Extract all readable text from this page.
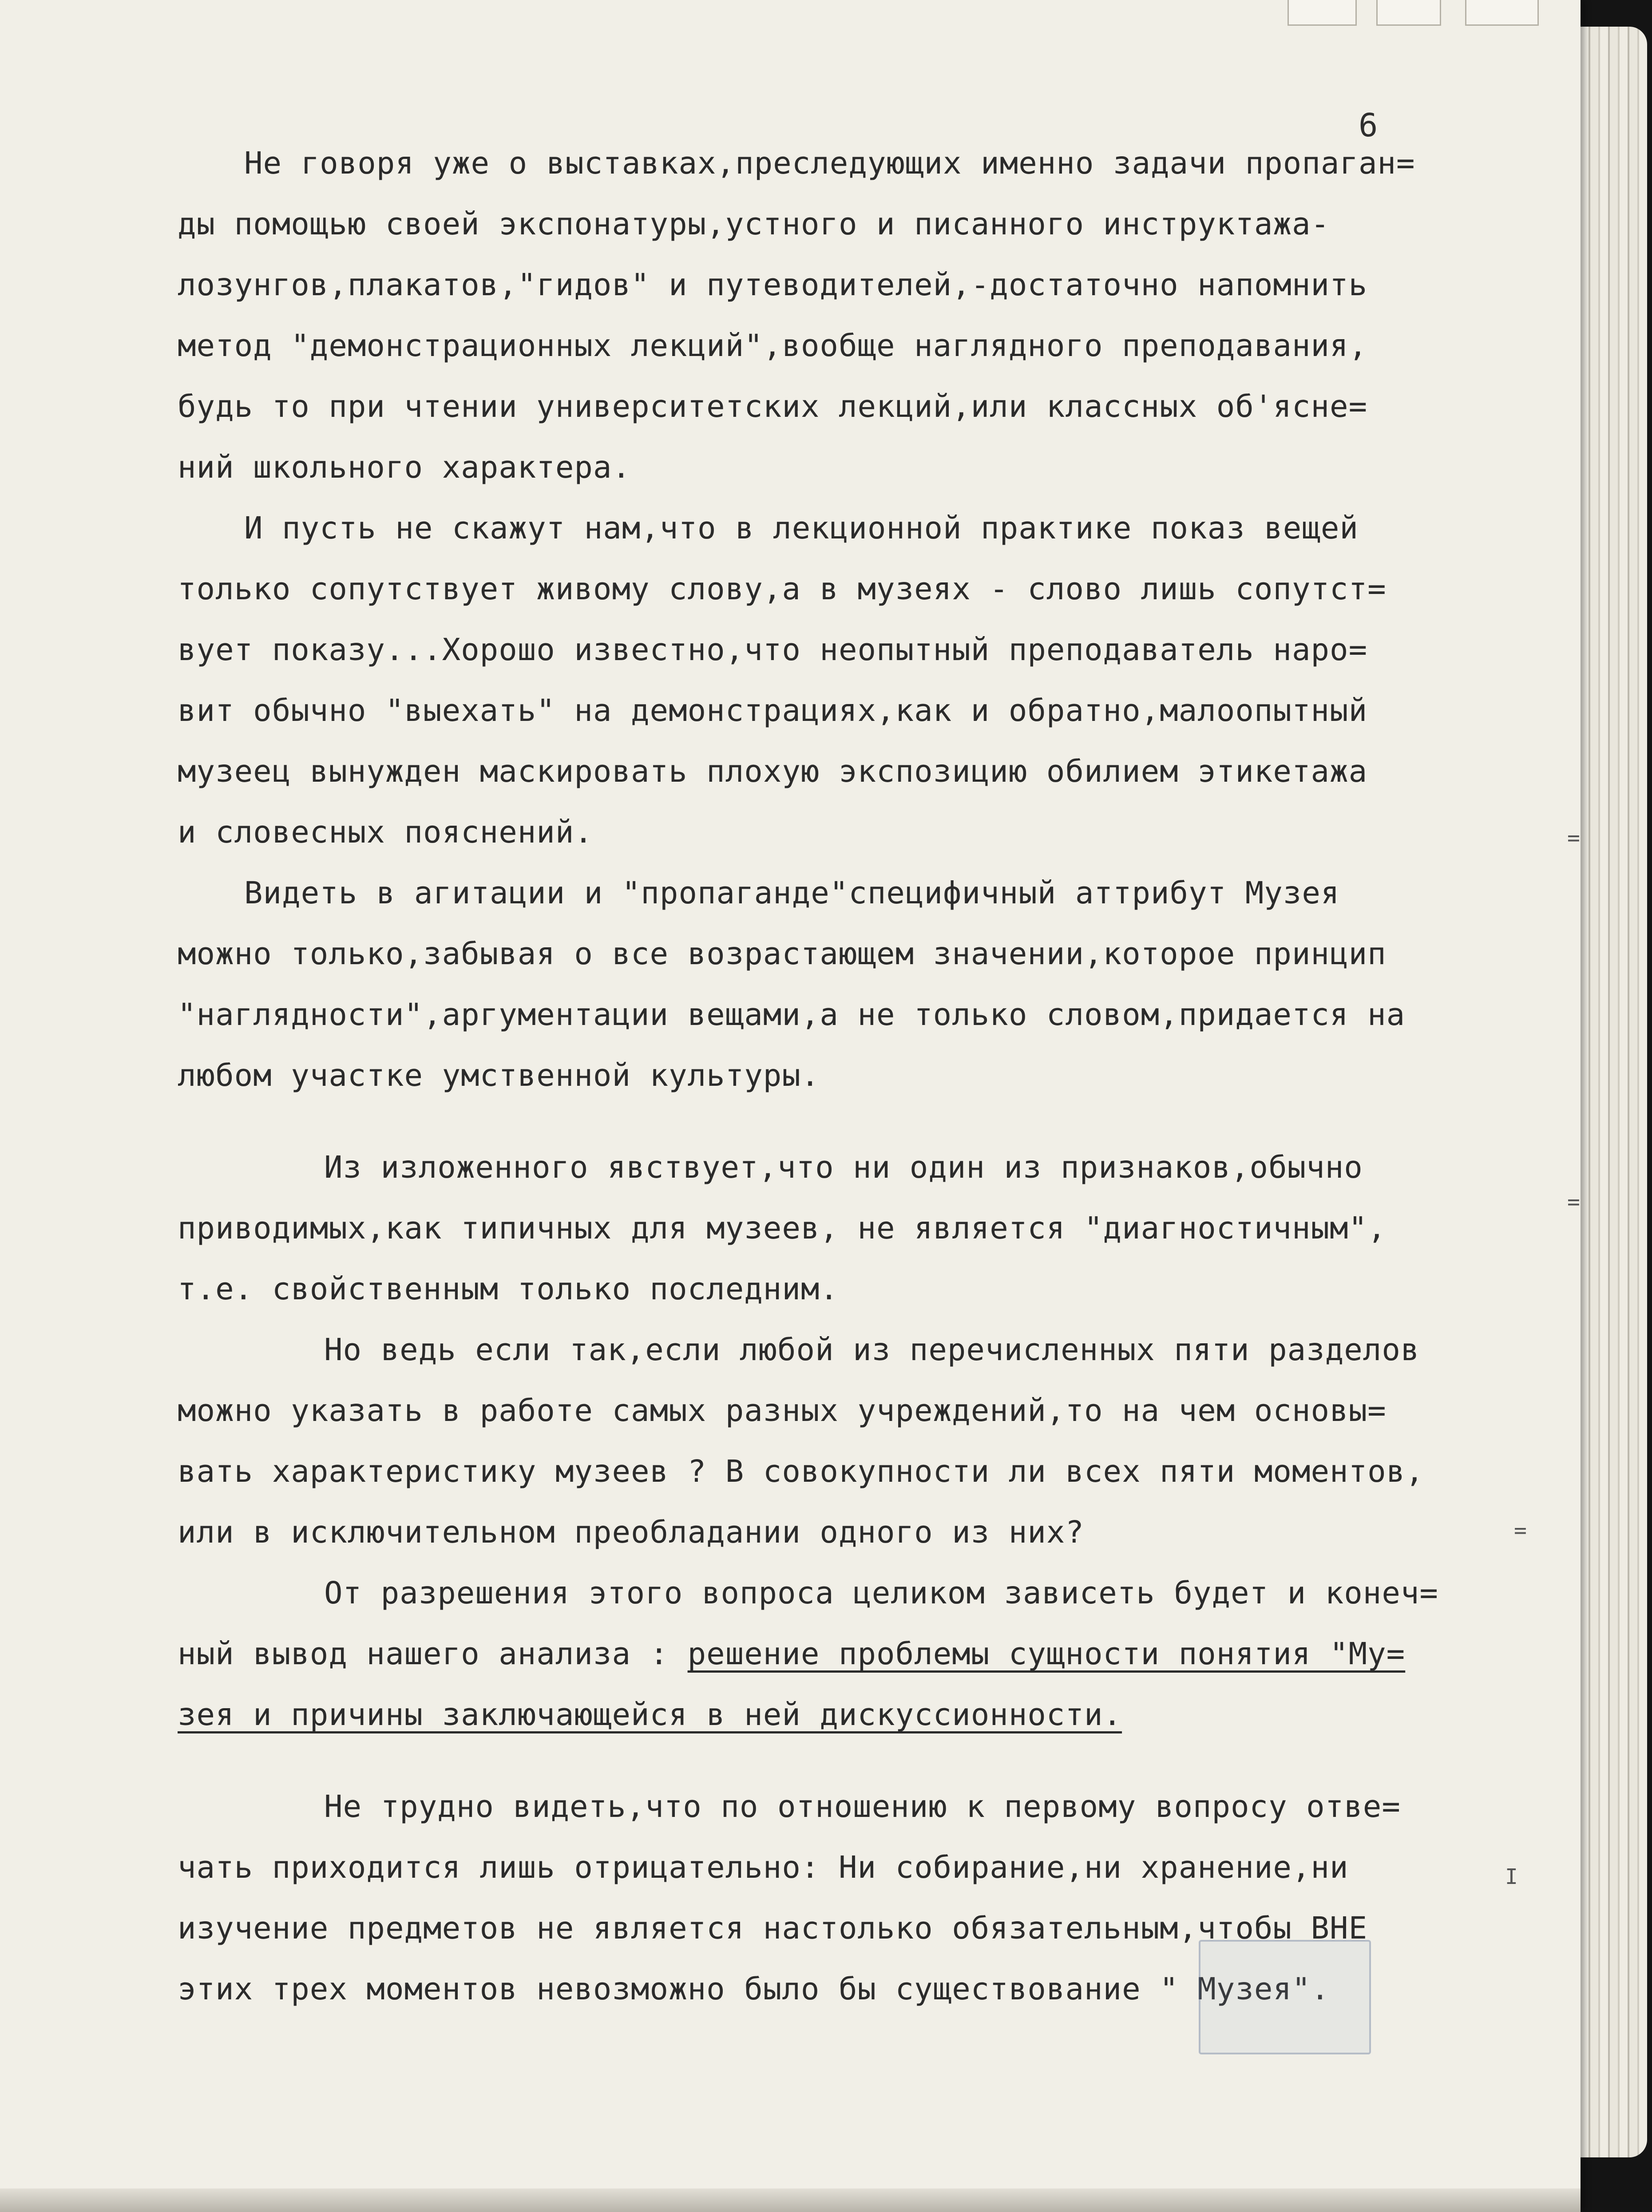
6
Не говоря уже о выставках,преследующих именно задачи пропаган=
ды помощью своей экспонатуры,устного и писанного инструктажа-
лозунгов,плакатов,"гидов" и путеводителей,-достаточно напомнить
метод "демонстрационных лекций",вообще наглядного преподавания,
будь то при чтении университетских лекций,или классных об'ясне=
ний школьного характера.
И пусть не скажут нам,что в лекционной практике показ вещей
только сопутствует живому слову,а в музеях - слово лишь сопутст=
вует показу...Хорошо известно,что неопытный преподаватель наро=
вит обычно "выехать" на демонстрациях,как и обратно,малоопытный
музеец вынужден маскировать плохую экспозицию обилием этикетажа
и словесных пояснений.
Видеть в агитации и "пропаганде"специфичный аттрибут Музея
можно только,забывая о все возрастающем значении,которое принцип
"наглядности",аргументации вещами,а не только словом,придается на
любом участке умственной культуры.
Из изложенного явствует,что ни один из признаков,обычно
приводимых,как типичных для музеев, не является "диагностичным",
т.е. свойственным только последним.
Но ведь если так,если любой из перечисленных пяти разделов
можно указать в работе самых разных учреждений,то на чем основы=
вать характеристику музеев ? В совокупности ли всех пяти моментов,
или в исключительном преобладании одного из них?
От разрешения этого вопроса целиком зависеть будет и конеч=
ный вывод нашего анализа : решение проблемы сущности понятия "Му=
зея и причины заключающейся в ней дискуссионности.
Не трудно видеть,что по отношению к первому вопросу отве=
чать приходится лишь отрицательно: Ни собирание,ни хранение,ни
изучение предметов не является настолько обязательным,чтобы ВНЕ
этих трех моментов невозможно было бы существование " Музея".
=
=
=
I
